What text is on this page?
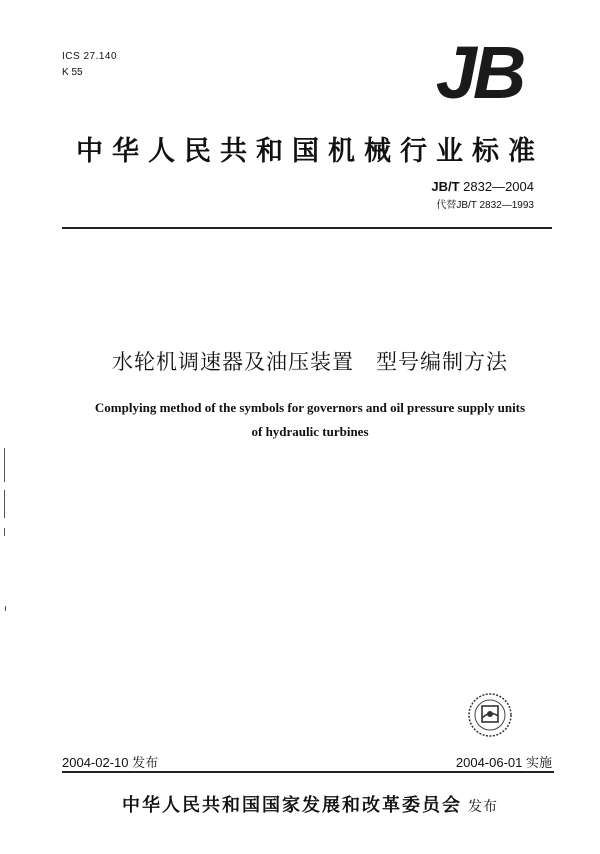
ICS 27.140
K 55	JB
中华人民共和国机械行业标准
JB/T 2832—2004
代替JB/T 2832—1993
水轮机调速器及油压装置 型号编制方法
Complying method of the symbols for governors and oil pressure supply units
of hydraulic turbines
2004-02-10 发布	2004-06-01 实施
中华人民共和国国家发展和改革委员会 发布
